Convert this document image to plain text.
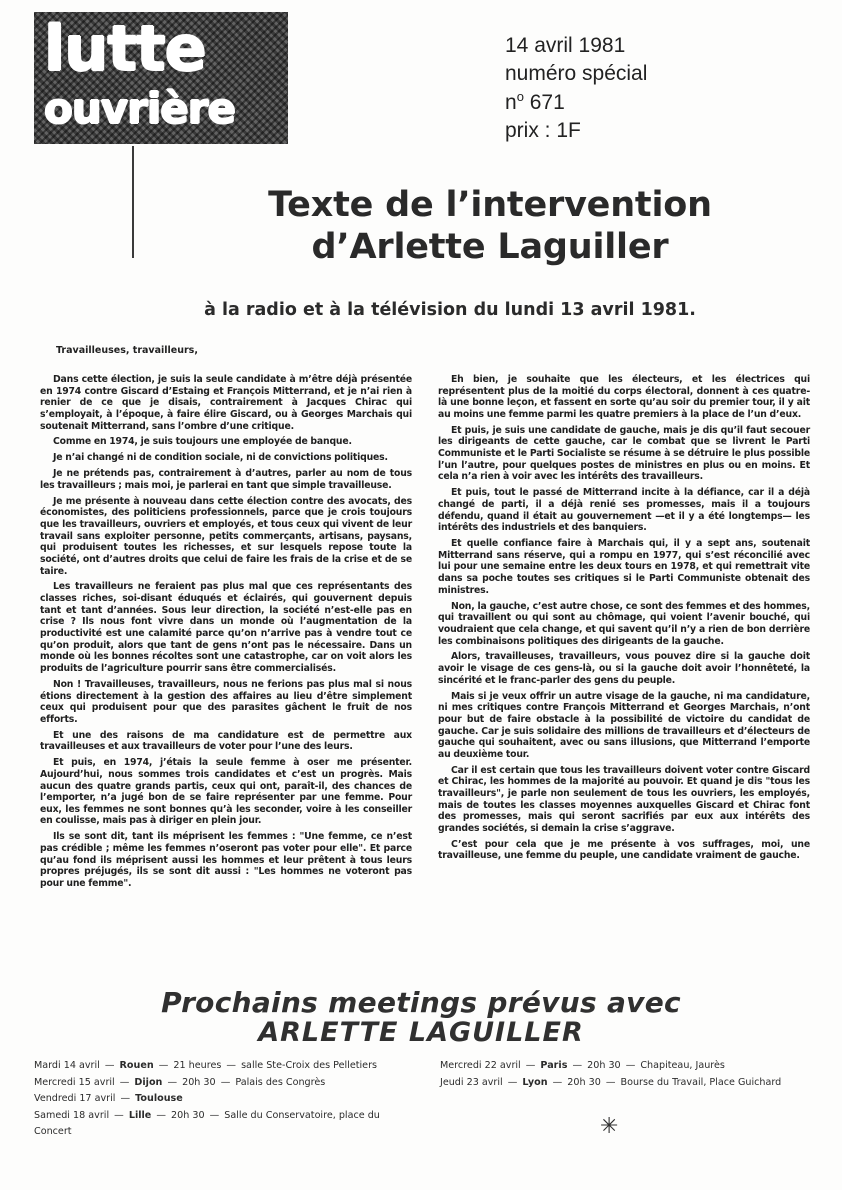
lutte
ouvrière
14 avril 1981
numéro spécial
$n^o$ 671
prix : 1F
Texte de l’intervention
d’Arlette Laguiller
à la radio et à la télévision du lundi 13 avril 1981.
Travailleuses, travailleurs,

Dans cette élection, je suis la seule candidate à m’être déjà présentée en 1974 contre Giscard d’Estaing et François Mitterrand, et je n’ai rien à renier de ce que je disais, contrairement à Jacques Chirac qui s’employait, à l’époque, à faire élire Giscard, ou à Georges Marchais qui soutenait Mitterrand, sans l’ombre d’une critique.

Comme en 1974, je suis toujours une employée de banque.

Je n’ai changé ni de condition sociale, ni de convictions politiques.

Je ne prétends pas, contrairement à d’autres, parler au nom de tous les travailleurs ; mais moi, je parlerai en tant que simple travailleuse.

Je me présente à nouveau dans cette élection contre des avocats, des économistes, des politiciens professionnels, parce que je crois toujours que les travailleurs, ouvriers et employés, et tous ceux qui vivent de leur travail sans exploiter personne, petits commerçants, artisans, paysans, qui produisent toutes les richesses, et sur lesquels repose toute la société, ont d’autres droits que celui de faire les frais de la crise et de se taire.

Les travailleurs ne feraient pas plus mal que ces représentants des classes riches, soi-disant éduqués et éclairés, qui gouvernent depuis tant et tant d’années. Sous leur direction, la société n’est-elle pas en crise ? Ils nous font vivre dans un monde où l’augmentation de la productivité est une calamité parce qu’on n’arrive pas à vendre tout ce qu’on produit, alors que tant de gens n’ont pas le nécessaire. Dans un monde où les bonnes récoltes sont une catastrophe, car on voit alors les produits de l’agriculture pourrir sans être commercialisés.

Non ! Travailleuses, travailleurs, nous ne ferions pas plus mal si nous étions directement à la gestion des affaires au lieu d’être simplement ceux qui produisent pour que des parasites gâchent le fruit de nos efforts.

Et une des raisons de ma candidature est de permettre aux travailleuses et aux travailleurs de voter pour l’une des leurs.

Et puis, en 1974, j’étais la seule femme à oser me présenter. Aujourd’hui, nous sommes trois candidates et c’est un progrès. Mais aucun des quatre grands partis, ceux qui ont, paraît-il, des chances de l’emporter, n’a jugé bon de se faire représenter par une femme. Pour eux, les femmes ne sont bonnes qu’à les seconder, voire à les conseiller en coulisse, mais pas à diriger en plein jour.

Ils se sont dit, tant ils méprisent les femmes : "Une femme, ce n’est pas crédible ; même les femmes n’oseront pas voter pour elle". Et parce qu’au fond ils méprisent aussi les hommes et leur prêtent à tous leurs propres préjugés, ils se sont dit aussi : "Les hommes ne voteront pas pour une femme".

Eh bien, je souhaite que les électeurs, et les électrices qui représentent plus de la moitié du corps électoral, donnent à ces quatre-là une bonne leçon, et fassent en sorte qu’au soir du premier tour, il y ait au moins une femme parmi les quatre premiers à la place de l’un d’eux.

Et puis, je suis une candidate de gauche, mais je dis qu’il faut secouer les dirigeants de cette gauche, car le combat que se livrent le Parti Communiste et le Parti Socialiste se résume à se détruire le plus possible l’un l’autre, pour quelques postes de ministres en plus ou en moins. Et cela n’a rien à voir avec les intérêts des travailleurs.

Et puis, tout le passé de Mitterrand incite à la défiance, car il a déjà changé de parti, il a déjà renié ses promesses, mais il a toujours défendu, quand il était au gouvernement —et il y a été longtemps— les intérêts des industriels et des banquiers.

Et quelle confiance faire à Marchais qui, il y a sept ans, soutenait Mitterrand sans réserve, qui a rompu en 1977, qui s’est réconcilié avec lui pour une semaine entre les deux tours en 1978, et qui remettrait vite dans sa poche toutes ses critiques si le Parti Communiste obtenait des ministres.

Non, la gauche, c’est autre chose, ce sont des femmes et des hommes, qui travaillent ou qui sont au chômage, qui voient l’avenir bouché, qui voudraient que cela change, et qui savent qu’il n’y a rien de bon derrière les combinaisons politiques des dirigeants de la gauche.

Alors, travailleuses, travailleurs, vous pouvez dire si la gauche doit avoir le visage de ces gens-là, ou si la gauche doit avoir l’honnêteté, la sincérité et le franc-parler des gens du peuple.

Mais si je veux offrir un autre visage de la gauche, ni ma candidature, ni mes critiques contre François Mitterrand et Georges Marchais, n’ont pour but de faire obstacle à la possibilité de victoire du candidat de gauche. Car je suis solidaire des millions de travailleurs et d’électeurs de gauche qui souhaitent, avec ou sans illusions, que Mitterrand l’emporte au deuxième tour.

Car il est certain que tous les travailleurs doivent voter contre Giscard et Chirac, les hommes de la majorité au pouvoir. Et quand je dis "tous les travailleurs", je parle non seulement de tous les ouvriers, les employés, mais de toutes les classes moyennes auxquelles Giscard et Chirac font des promesses, mais qui seront sacrifiés par eux aux intérêts des grandes sociétés, si demain la crise s’aggrave.

C’est pour cela que je me présente à vos suffrages, moi, une travailleuse, une femme du peuple, une candidate vraiment de gauche.

Prochains meetings prévus avec
ARLETTE LAGUILLER
Mardi 14 avril — Rouen — 21 heures — salle Ste-Croix des Pelletiers
Mercredi 15 avril — Dijon — 20h 30 — Palais des Congrès
Vendredi 17 avril — Toulouse
Samedi 18 avril — Lille — 20h 30 — Salle du Conservatoire, place du Concert
Mercredi 22 avril — Paris — 20h 30 — Chapiteau, Jaurès
Jeudi 23 avril — Lyon — 20h 30 — Bourse du Travail, Place Guichard
✳
